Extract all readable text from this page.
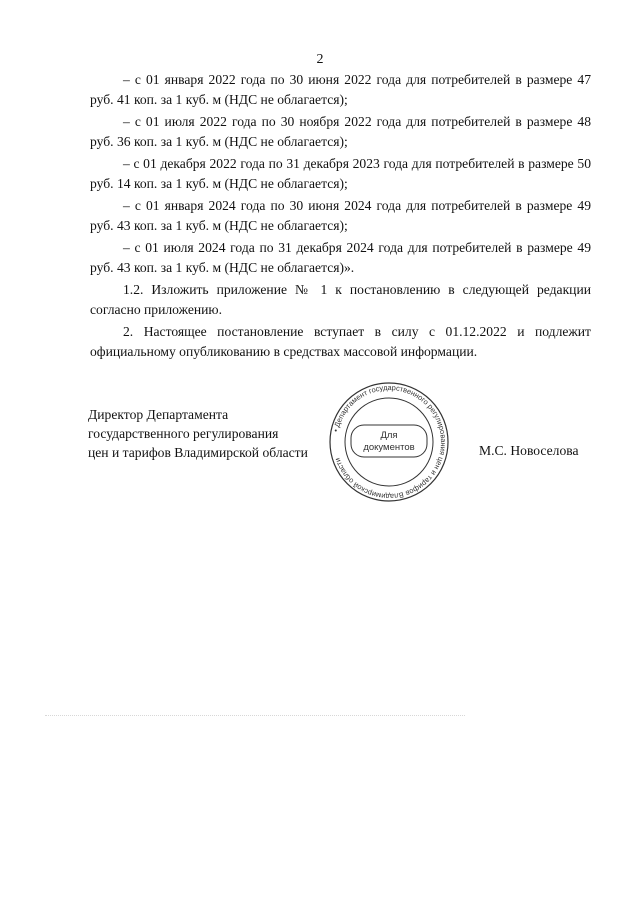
2

– с 01 января 2022 года по 30 июня 2022 года для потребителей в размере 47 руб. 41 коп. за 1 куб. м (НДС не облагается);

– с 01 июля 2022 года по 30 ноября 2022 года для потребителей в размере 48 руб. 36 коп. за 1 куб. м (НДС не облагается);

– с 01 декабря 2022 года по 31 декабря 2023 года для потребителей в размере 50 руб. 14 коп. за 1 куб. м (НДС не облагается);

– с 01 января 2024 года по 30 июня 2024 года для потребителей в размере 49 руб. 43 коп. за 1 куб. м (НДС не облагается);

– с 01 июля 2024 года по 31 декабря 2024 года для потребителей в размере 49 руб. 43 коп. за 1 куб. м (НДС не облагается)».

1.2. Изложить приложение № 1 к постановлению в следующей редакции согласно приложению.

2. Настоящее постановление вступает в силу с 01.12.2022 и подлежит официальному опубликованию в средствах массовой информации.

Директор Департамента
государственного регулирования
цен и тарифов Владимирской области
• Департамент государственного регулирования цен и тарифов Владимирской области
Для
документов	М.С. Новоселова
